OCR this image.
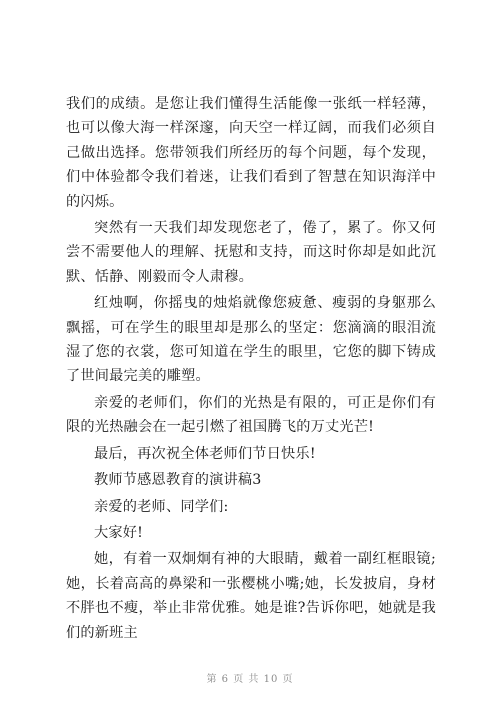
我们的成绩。是您让我们懂得生活能像一张纸一样轻薄，也可以像大海一样深邃，向天空一样辽阔，而我们必须自己做出选择。您带领我们所经历的每个问题，每个发现，们中体验都令我们着迷，让我们看到了智慧在知识海洋中的闪烁。

突然有一天我们却发现您老了，倦了，累了。你又何尝不需要他人的理解、抚慰和支持，而这时你却是如此沉默、恬静、刚毅而令人肃穆。

红烛啊，你摇曳的烛焰就像您疲惫、瘦弱的身躯那么飘摇，可在学生的眼里却是那么的坚定：您滴滴的眼泪流湿了您的衣裳，您可知道在学生的眼里，它您的脚下铸成了世间最完美的雕塑。

亲爱的老师们，你们的光热是有限的，可正是你们有限的光热融会在一起引燃了祖国腾飞的万丈光芒!

最后，再次祝全体老师们节日快乐!

教师节感恩教育的演讲稿3

亲爱的老师、同学们:

大家好!

她，有着一双炯炯有神的大眼睛，戴着一副红框眼镜;她，长着高高的鼻梁和一张樱桃小嘴;她，长发披肩，身材不胖也不瘦，举止非常优雅。她是谁?告诉你吧，她就是我们的新班主

第 6 页 共 10 页
